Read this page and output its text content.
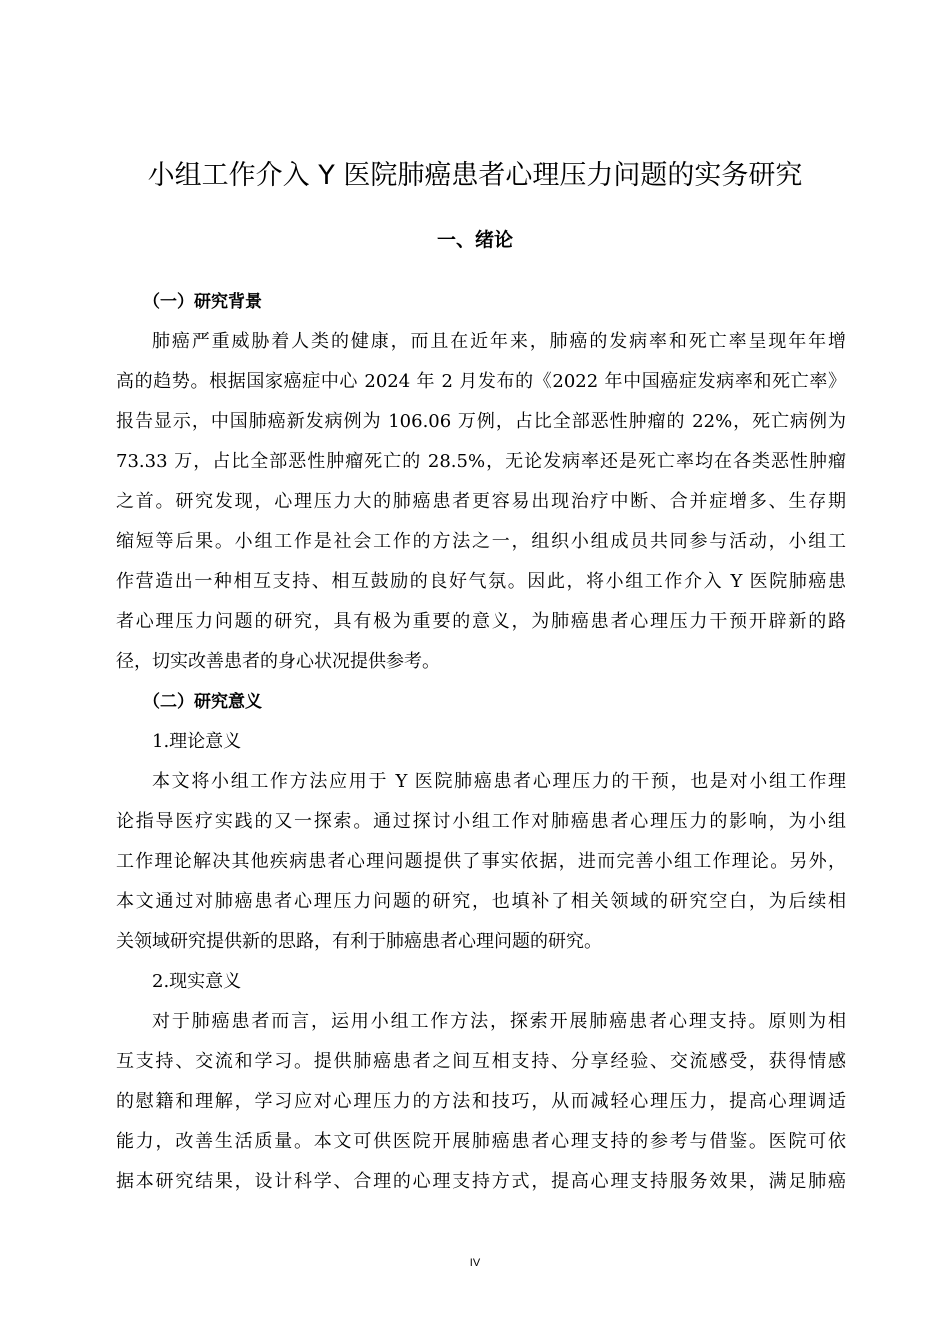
小组工作介入 Y 医院肺癌患者心理压力问题的实务研究
一、绪论
（一）研究背景
肺癌严重威胁着人类的健康，而且在近年来，肺癌的发病率和死亡率呈现年年增
高的趋势。根据国家癌症中心 2024 年 2 月发布的《2022 年中国癌症发病率和死亡率》
报告显示，中国肺癌新发病例为 106.06 万例，占比全部恶性肿瘤的 22%，死亡病例为
73.33 万，占比全部恶性肿瘤死亡的 28.5%，无论发病率还是死亡率均在各类恶性肿瘤
之首。研究发现，心理压力大的肺癌患者更容易出现治疗中断、合并症增多、生存期
缩短等后果。小组工作是社会工作的方法之一，组织小组成员共同参与活动，小组工
作营造出一种相互支持、相互鼓励的良好气氛。因此，将小组工作介入 Y 医院肺癌患
者心理压力问题的研究，具有极为重要的意义，为肺癌患者心理压力干预开辟新的路
径，切实改善患者的身心状况提供参考。
（二）研究意义
1.理论意义
本文将小组工作方法应用于 Y 医院肺癌患者心理压力的干预，也是对小组工作理
论指导医疗实践的又一探索。通过探讨小组工作对肺癌患者心理压力的影响，为小组
工作理论解决其他疾病患者心理问题提供了事实依据，进而完善小组工作理论。另外，
本文通过对肺癌患者心理压力问题的研究，也填补了相关领域的研究空白，为后续相
关领域研究提供新的思路，有利于肺癌患者心理问题的研究。
2.现实意义
对于肺癌患者而言，运用小组工作方法，探索开展肺癌患者心理支持。原则为相
互支持、交流和学习。提供肺癌患者之间互相支持、分享经验、交流感受，获得情感
的慰籍和理解，学习应对心理压力的方法和技巧，从而减轻心理压力，提高心理调适
能力，改善生活质量。本文可供医院开展肺癌患者心理支持的参考与借鉴。医院可依
据本研究结果，设计科学、合理的心理支持方式，提高心理支持服务效果，满足肺癌
IV
